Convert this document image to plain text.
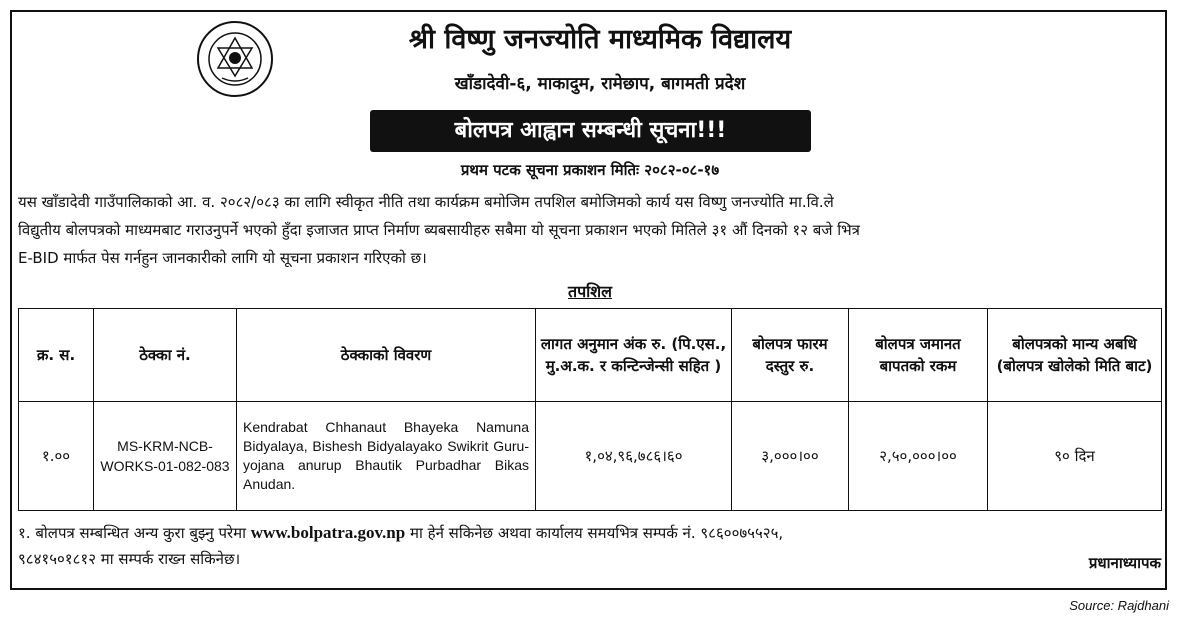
श्री विष्णु जनज्योति माध्यमिक विद्यालय
खाँडादेवी-६, माकादुम, रामेछाप, बागमती प्रदेश
बोलपत्र आह्वान सम्बन्धी सूचना!!!
प्रथम पटक सूचना प्रकाशन मितिः २०८२-०८-१७
यस खाँडादेवी गाउँपालिकाको आ. व. २०८२/०८३ का लागि स्वीकृत नीति तथा कार्यक्रम बमोजिम तपशिल बमोजिमको कार्य यस विष्णु जनज्योति मा.वि.ले
विद्युतीय बोलपत्रको माध्यमबाट गराउनुपर्ने भएको हुँदा इजाजत प्राप्त निर्माण ब्यबसायीहरु सबैमा यो सूचना प्रकाशन भएको मितिले ३१ औं दिनको १२ बजे भित्र
E-BID मार्फत पेस गर्नहुन जानकारीको लागि यो सूचना प्रकाशन गरिएको छ।
तपशिल
क्र. स.	ठेक्का नं.	ठेक्काको विवरण	लागत अनुमान अंक रु. (पि.एस., मु.अ.क. र कन्टिन्जेन्सी सहित )	बोलपत्र फारम दस्तुर रु.	बोलपत्र जमानत बापतको रकम	बोलपत्रको मान्य अबधि (बोलपत्र खोलेको मिति बाट)
१.००	MS-KRM-NCB-WORKS-01-082-083	Kendrabat Chhanaut Bhayeka Namuna Bidyalaya, Bishesh Bidyalayako Swikrit Guru-yojana anurup Bhautik Purbadhar Bikas Anudan.	१,०४,९६,७८६।६०	३,०००।००	२,५०,०००।००	९० दिन
१. बोलपत्र सम्बन्धित अन्य कुरा बुझ्नु परेमा www.bolpatra.gov.np मा हेर्न सकिनेछ अथवा कार्यालय समयभित्र सम्पर्क नं. ९८६००७५५२५,
९८४१५०१८१२ मा सम्पर्क राख्न सकिनेछ।	प्रधानाध्यापक
Source: Rajdhani
